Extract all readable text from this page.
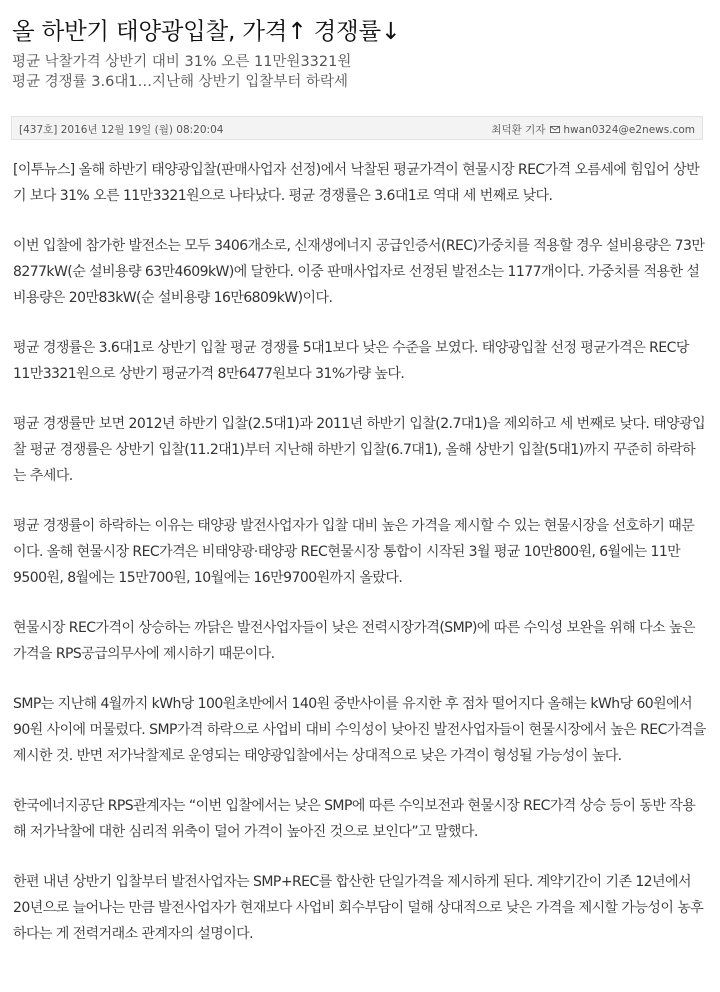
올 하반기 태양광입찰, 가격↑ 경쟁률↓
평균 낙찰가격 상반기 대비 31% 오른 11만원3321원
평균 경쟁률 3.6대1…지난해 상반기 입찰부터 하락세
[437호] 2016년 12월 19일 (월) 08:20:04	최덕환 기자 hwan0324@e2news.com

[이투뉴스] 올해 하반기 태양광입찰(판매사업자 선정)에서 낙찰된 평균가격이 현물시장 REC가격 오름세에 힘입어 상반기 보다 31% 오른 11만3321원으로 나타났다. 평균 경쟁률은 3.6대1로 역대 세 번째로 낮다.

이번 입찰에 참가한 발전소는 모두 3406개소로, 신재생에너지 공급인증서(REC)가중치를 적용할 경우 설비용량은 73만8277kW(순 설비용량 63만4609kW)에 달한다. 이중 판매사업자로 선정된 발전소는 1177개이다. 가중치를 적용한 설비용량은 20만83kW(순 설비용량 16만6809kW)이다.

평균 경쟁률은 3.6대1로 상반기 입찰 평균 경쟁률 5대1보다 낮은 수준을 보였다. 태양광입찰 선정 평균가격은 REC당 11만3321원으로 상반기 평균가격 8만6477원보다 31%가량 높다.

평균 경쟁률만 보면 2012년 하반기 입찰(2.5대1)과 2011년 하반기 입찰(2.7대1)을 제외하고 세 번째로 낮다. 태양광입찰 평균 경쟁률은 상반기 입찰(11.2대1)부터 지난해 하반기 입찰(6.7대1), 올해 상반기 입찰(5대1)까지 꾸준히 하락하는 추세다.

평균 경쟁률이 하락하는 이유는 태양광 발전사업자가 입찰 대비 높은 가격을 제시할 수 있는 현물시장을 선호하기 때문이다. 올해 현물시장 REC가격은 비태양광·태양광 REC현물시장 통합이 시작된 3월 평균 10만800원, 6월에는 11만9500원, 8월에는 15만700원, 10월에는 16만9700원까지 올랐다.

현물시장 REC가격이 상승하는 까닭은 발전사업자들이 낮은 전력시장가격(SMP)에 따른 수익성 보완을 위해 다소 높은 가격을 RPS공급의무사에 제시하기 때문이다.

SMP는 지난해 4월까지 kWh당 100원초반에서 140원 중반사이를 유지한 후 점차 떨어지다 올해는 kWh당 60원에서 90원 사이에 머물렀다. SMP가격 하락으로 사업비 대비 수익성이 낮아진 발전사업자들이 현물시장에서 높은 REC가격을 제시한 것. 반면 저가낙찰제로 운영되는 태양광입찰에서는 상대적으로 낮은 가격이 형성될 가능성이 높다.

한국에너지공단 RPS관계자는 “이번 입찰에서는 낮은 SMP에 따른 수익보전과 현물시장 REC가격 상승 등이 동반 작용해 저가낙찰에 대한 심리적 위축이 덜어 가격이 높아진 것으로 보인다”고 말했다.

한편 내년 상반기 입찰부터 발전사업자는 SMP+REC를 합산한 단일가격을 제시하게 된다. 계약기간이 기존 12년에서 20년으로 늘어나는 만큼 발전사업자가 현재보다 사업비 회수부담이 덜해 상대적으로 낮은 가격을 제시할 가능성이 농후하다는 게 전력거래소 관계자의 설명이다.
